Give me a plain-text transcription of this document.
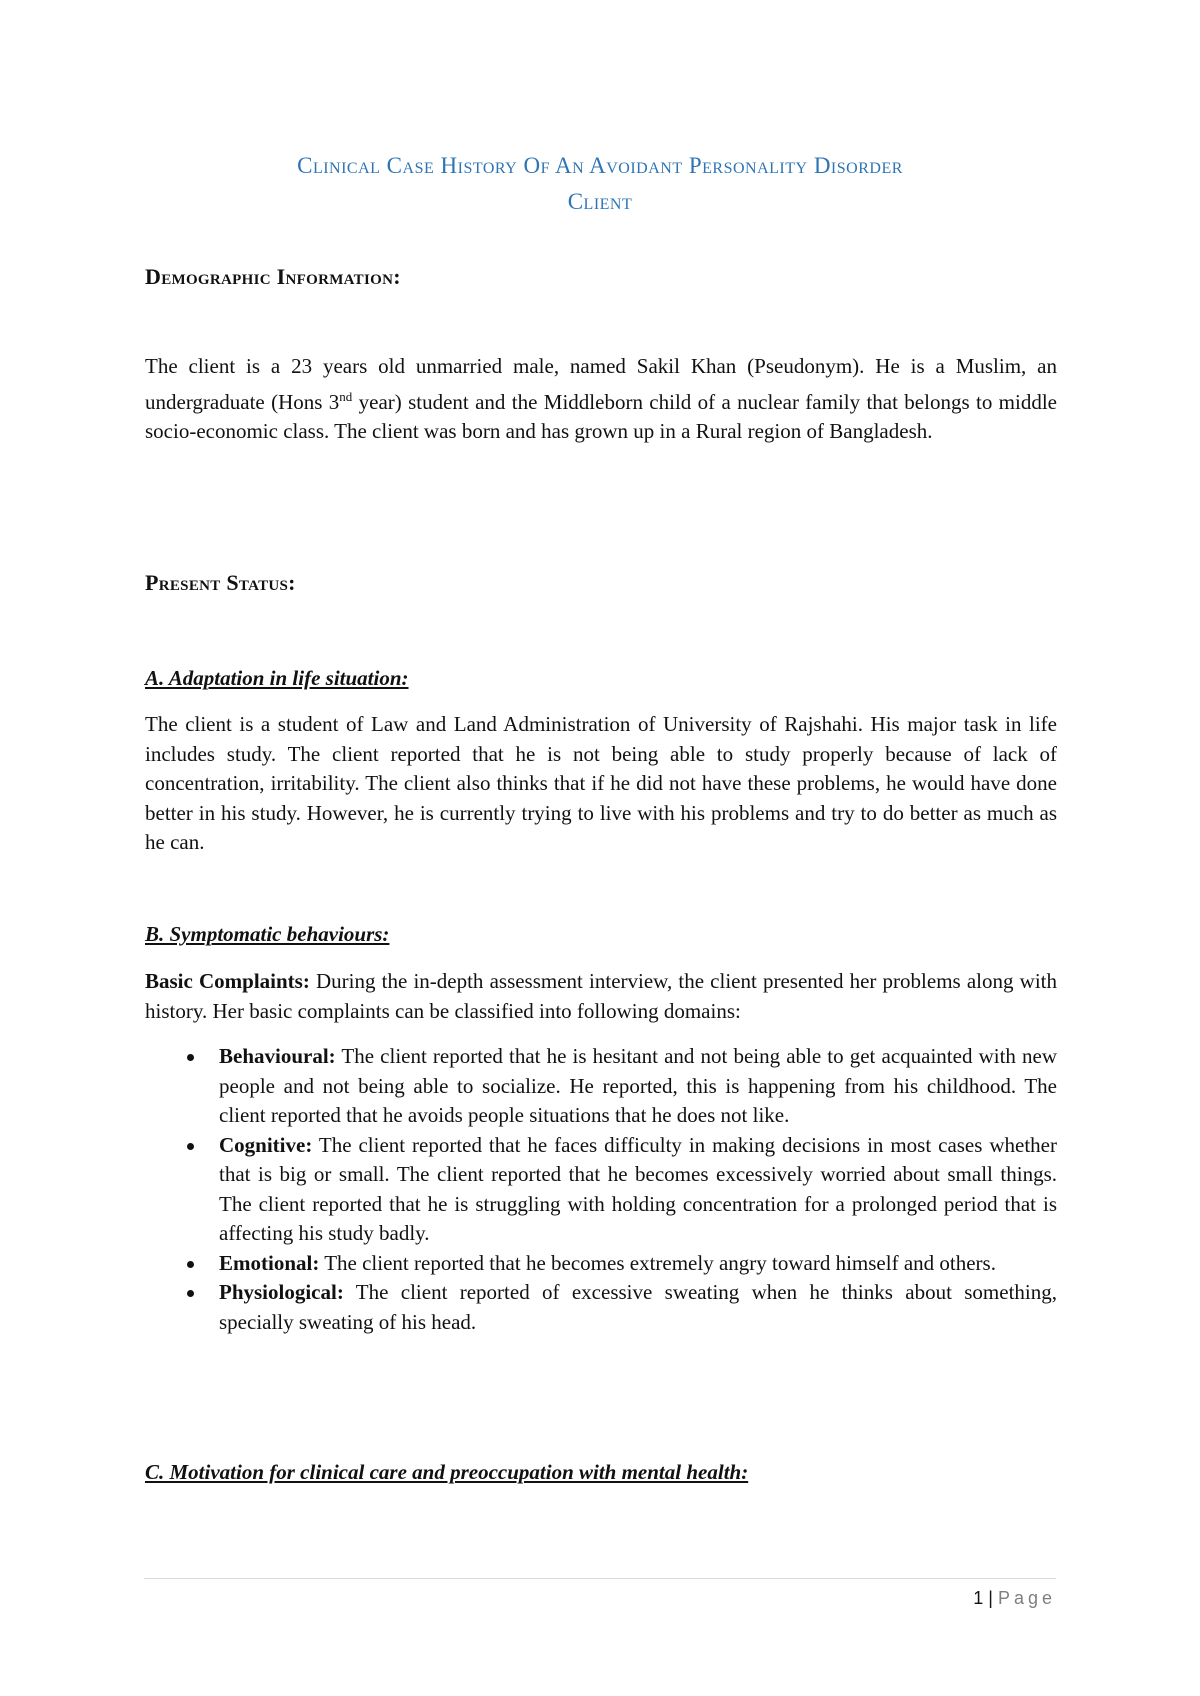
Clinical Case History Of An Avoidant Personality Disorder
Client
Demographic Information:

The client is a 23 years old unmarried male, named Sakil Khan (Pseudonym). He is a Muslim, an undergraduate (Hons 3nd year) student and the Middleborn child of a nuclear family that belongs to middle socio-economic class. The client was born and has grown up in a Rural region of Bangladesh.

Present Status:
A. Adaptation in life situation:

The client is a student of Law and Land Administration of University of Rajshahi. His major task in life includes study. The client reported that he is not being able to study properly because of lack of concentration, irritability. The client also thinks that if he did not have these problems, he would have done better in his study. However, he is currently trying to live with his problems and try to do better as much as he can.

B. Symptomatic behaviours:

Basic Complaints: During the in-depth assessment interview, the client presented her problems along with history. Her basic complaints can be classified into following domains:

Behavioural: The client reported that he is hesitant and not being able to get acquainted with new people and not being able to socialize. He reported, this is happening from his childhood. The client reported that he avoids people situations that he does not like.
Cognitive: The client reported that he faces difficulty in making decisions in most cases whether that is big or small. The client reported that he becomes excessively worried about small things. The client reported that he is struggling with holding concentration for a prolonged period that is affecting his study badly.
Emotional: The client reported that he becomes extremely angry toward himself and others.
Physiological: The client reported of excessive sweating when he thinks about something, specially sweating of his head.
C. Motivation for clinical care and preoccupation with mental health:
1 | Page
